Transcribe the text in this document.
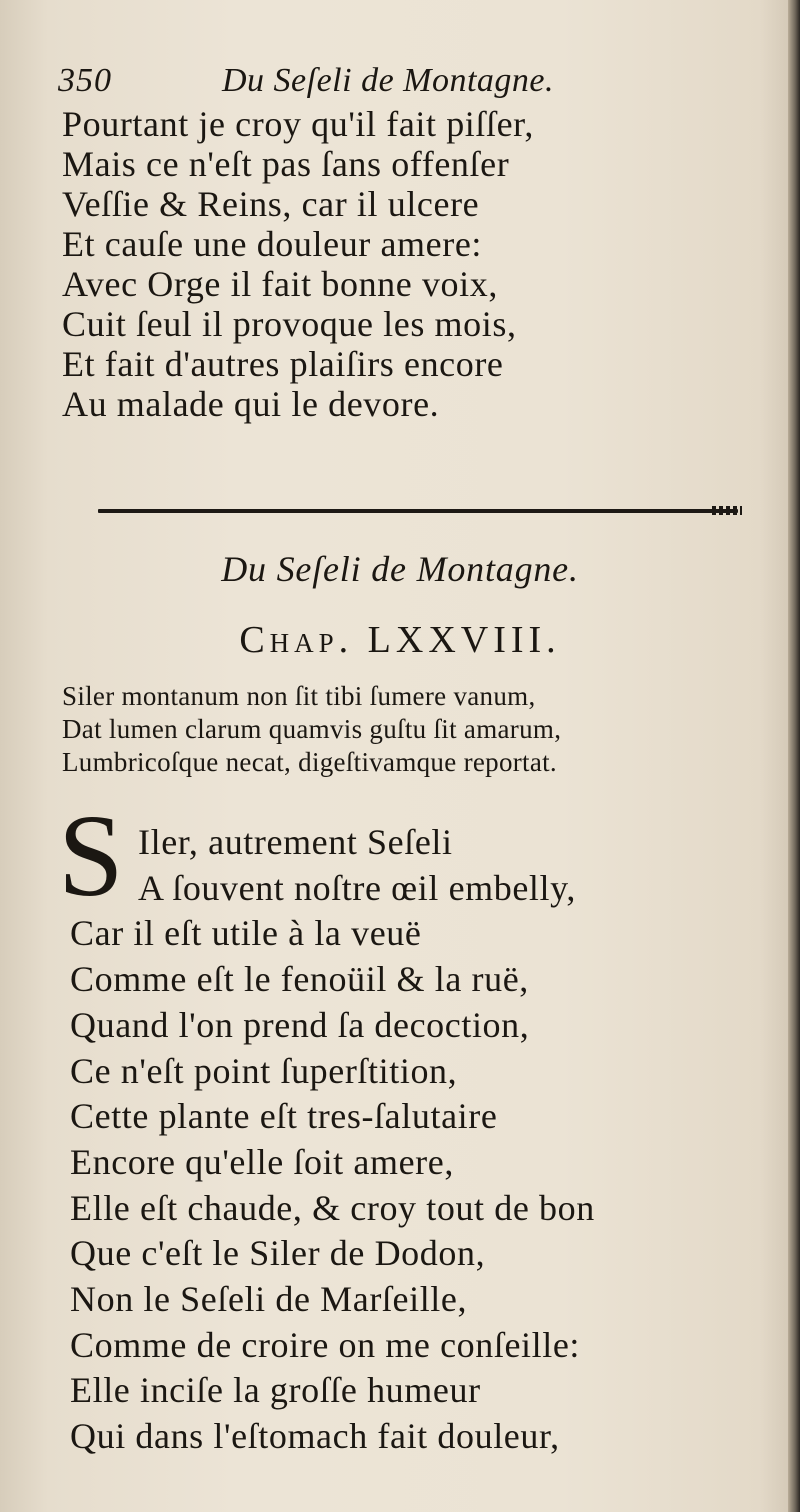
350	Du Seſeli de Montagne.
Pourtant je croy qu'il fait piſſer,
Mais ce n'eſt pas ſans offenſer
Veſſie & Reins, car il ulcere
Et cauſe une douleur amere:
Avec Orge il fait bonne voix,
Cuit ſeul il provoque les mois,
Et fait d'autres plaiſirs encore
Au malade qui le devore.
Du Seſeli de Montagne.
Chap. LXXVIII.
Siler montanum non ſit tibi ſumere vanum,
Dat lumen clarum quamvis guſtu ſit amarum,
Lumbricoſque necat, digeſtivamque reportat.
S Iler, autrement Seſeli
A ſouvent noſtre œil embelly,
Car il eſt utile à la veuë
Comme eſt le fenoüil & la ruë,
Quand l'on prend ſa decoction,
Ce n'eſt point ſuperſtition,
Cette plante eſt tres-ſalutaire
Encore qu'elle ſoit amere,
Elle eſt chaude, & croy tout de bon
Que c'eſt le Siler de Dodon,
Non le Seſeli de Marſeille,
Comme de croire on me conſeille:
Elle inciſe la groſſe humeur
Qui dans l'eſtomach fait douleur,
